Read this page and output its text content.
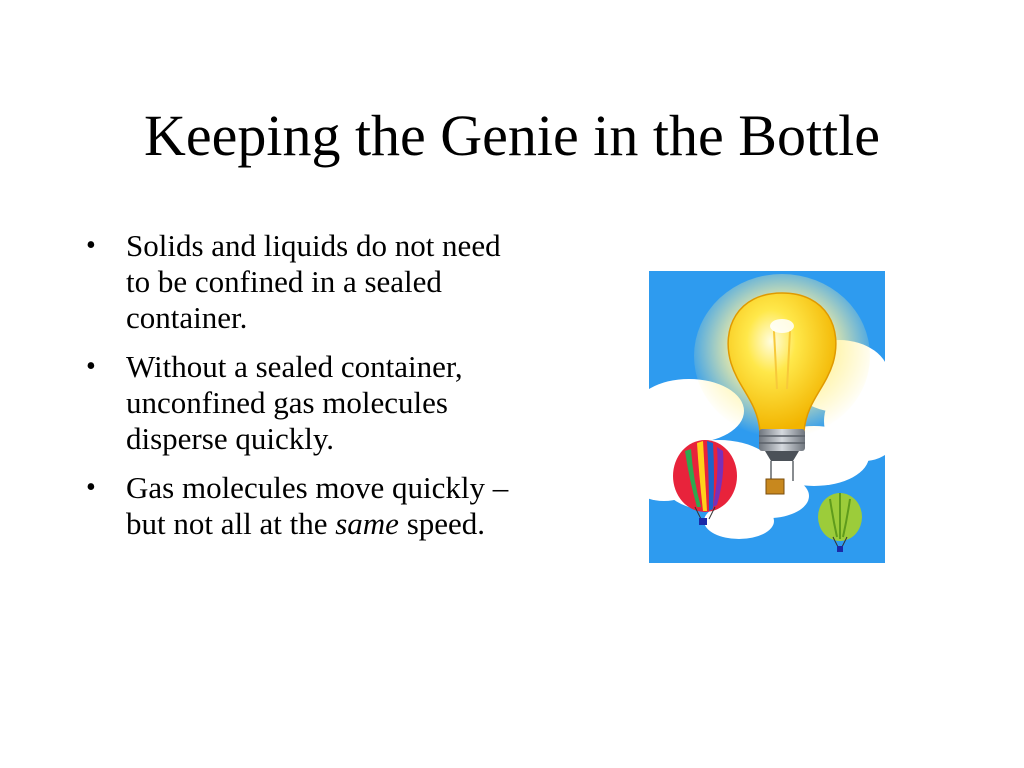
Keeping the Genie in the Bottle
• Solids and liquids do not need to be confined in a sealed container.
• Without a sealed container, unconfined gas molecules disperse quickly.
• Gas molecules move quickly – but not all at the same speed.
